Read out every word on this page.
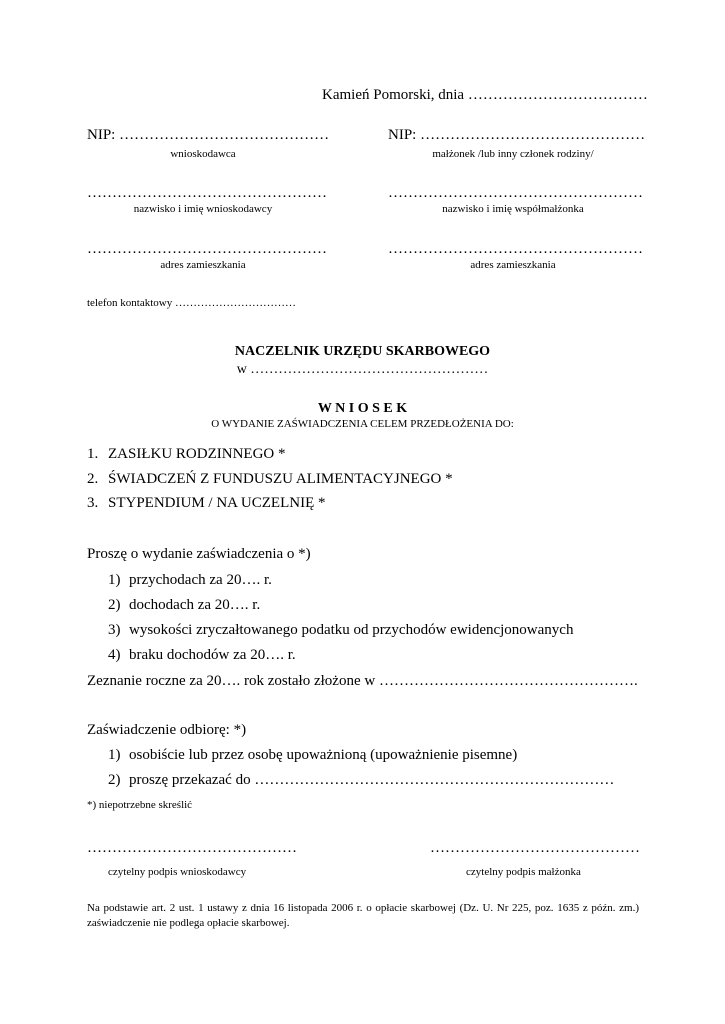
Kamień Pomorski, dnia ………………………………
NIP: ……………………………………
wnioskodawca
…………………………………………
nazwisko i imię wnioskodawcy
…………………………………………
adres zamieszkania
telefon kontaktowy ……………………………
NIP: ………………………………………
małżonek /lub inny członek rodziny/
……………………………………………
nazwisko i imię współmałżonka
……………………………………………
adres zamieszkania
NACZELNIK URZĘDU SKARBOWEGO
w ……………………………………………
W N I O S E K
O WYDANIE ZAŚWIADCZENIA CELEM PRZEDŁOŻENIA DO:
1. ZASIŁKU RODZINNEGO *
2. ŚWIADCZEŃ Z FUNDUSZU ALIMENTACYJNEGO *
3. STYPENDIUM / NA UCZELNIĘ *
Proszę o wydanie zaświadczenia o *)
1) przychodach za 20…. r.
2) dochodach za 20…. r.
3) wysokości zryczałtowanego podatku od przychodów ewidencjonowanych
4) braku dochodów za 20…. r.
Zeznanie roczne za 20…. rok zostało złożone w …………………………………………….
Zaświadczenie odbiorę: *)
1) osobiście lub przez osobę upoważnioną (upoważnienie pisemne)
2) proszę przekazać do ………………………………………………………………
*) niepotrzebne skreślić
……………………………………
czytelny podpis wnioskodawcy
……………………………………
czytelny podpis małżonka
Na podstawie art. 2 ust. 1 ustawy z dnia 16 listopada 2006 r. o opłacie skarbowej (Dz. U. Nr 225, poz. 1635 z późn. zm.) zaświadczenie nie podlega opłacie skarbowej.
